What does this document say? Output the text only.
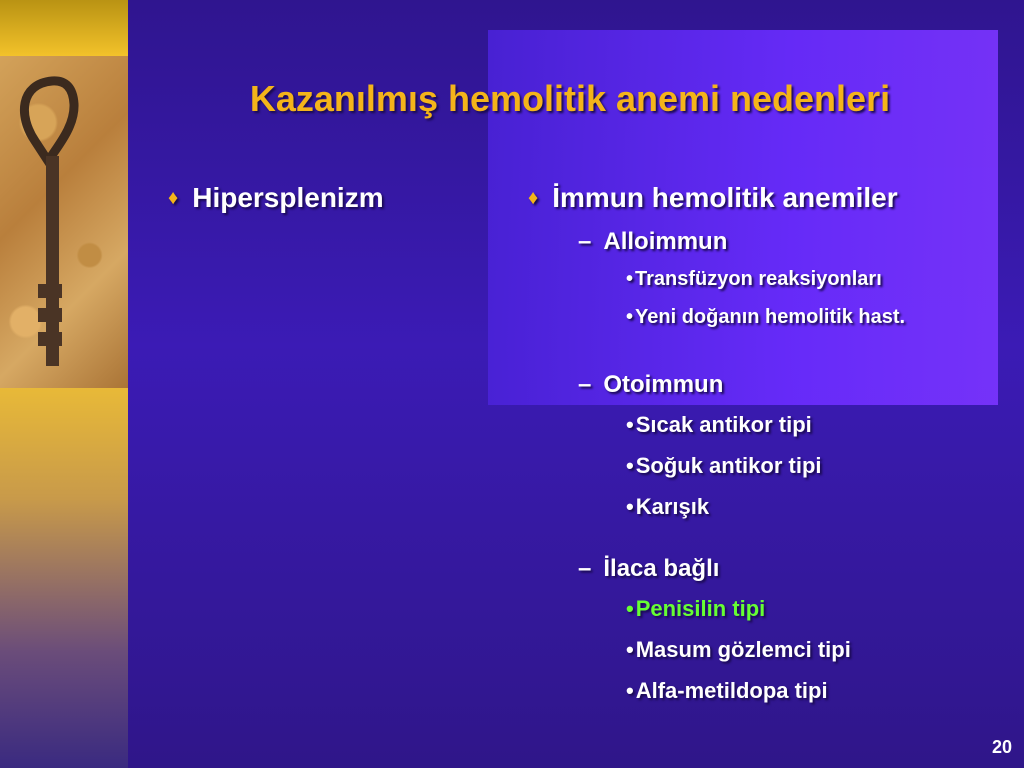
Kazanılmış hemolitik anemi nedenleri
♦ Hipersplenizm	♦ İmmun hemolitik anemiler
– Alloimmun
• Transfüzyon reaksiyonları
• Yeni doğanın hemolitik hast.
– Otoimmun
•Sıcak antikor tipi
•Soğuk antikor tipi
•Karışık
– İlaca bağlı
•Penisilin tipi
•Masum gözlemci tipi
•Alfa-metildopa tipi
20
